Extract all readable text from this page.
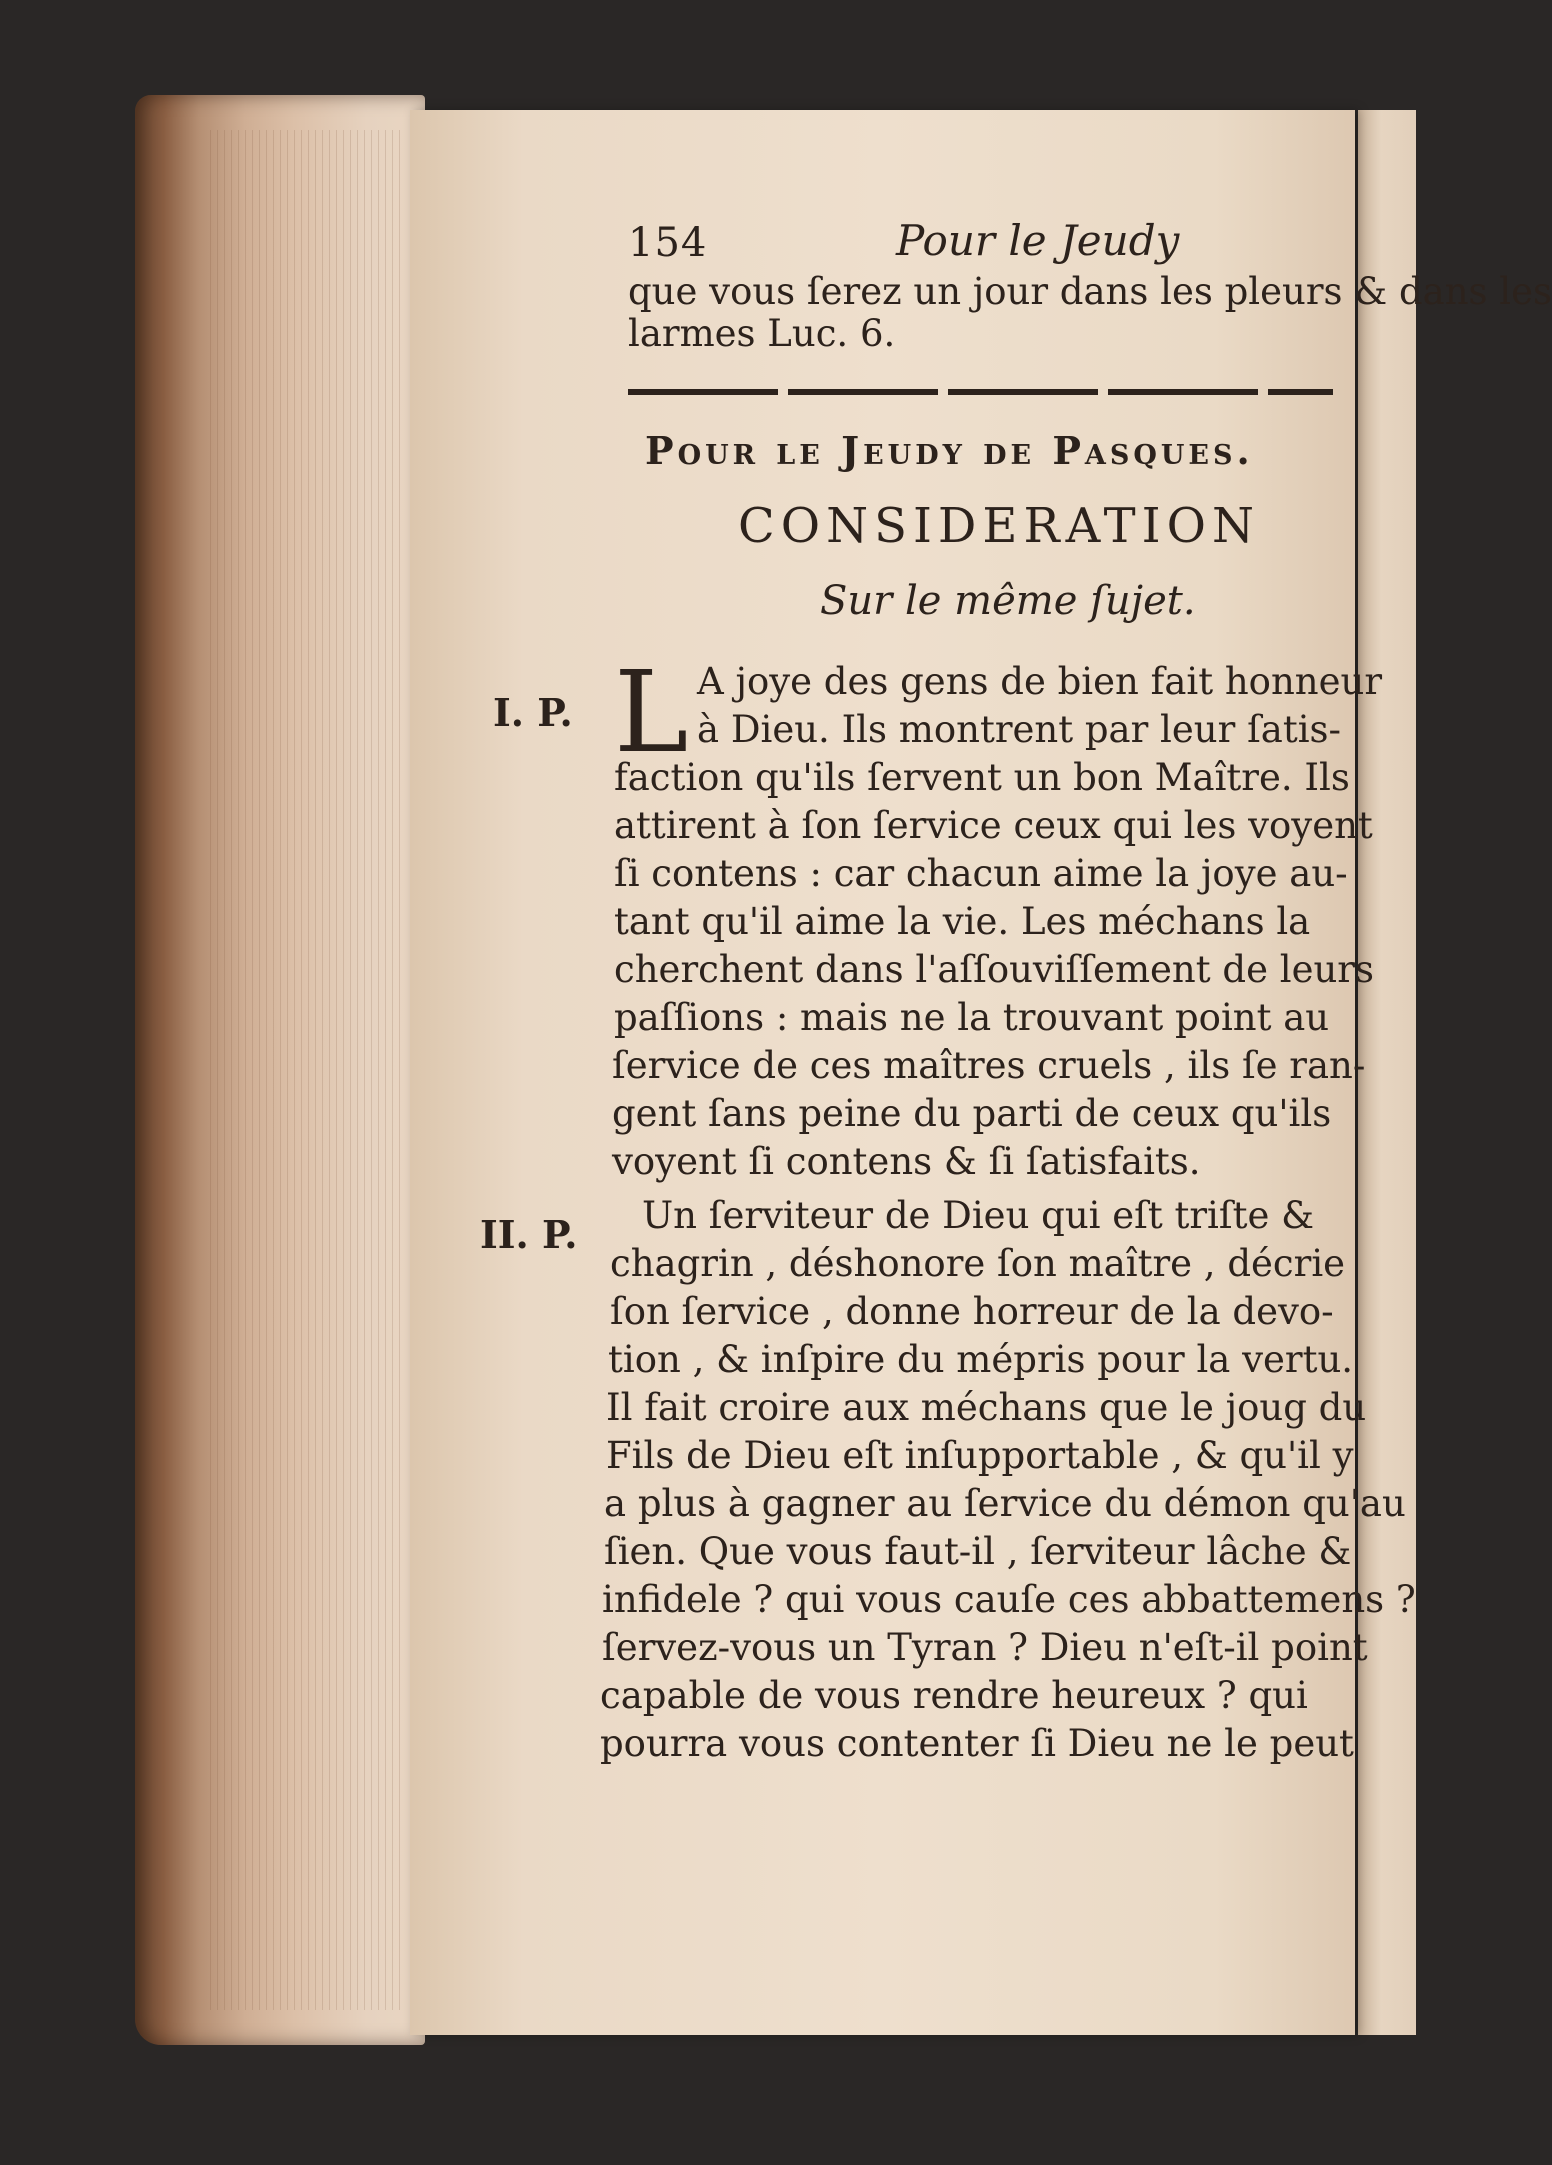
154	Pour le Jeudy
que vous ſerez un jour dans les pleurs & dans les
larmes Luc. 6.
Pour le Jeudy de Pasques.
CONSIDERATION
Sur le même ſujet.
I. P. L A joye des gens de bien fait honneur
à Dieu. Ils montrent par leur ſatis-
faction qu'ils ſervent un bon Maître. Ils
attirent à ſon ſervice ceux qui les voyent
ſi contens : car chacun aime la joye au-
tant qu'il aime la vie. Les méchans la
cherchent dans l'aſſouviſſement de leurs
paſſions : mais ne la trouvant point au
ſervice de ces maîtres cruels , ils ſe ran-
gent ſans peine du parti de ceux qu'ils
voyent ſi contens & ſi ſatisfaits.
II. P. Un ſerviteur de Dieu qui eſt triſte &
chagrin , déshonore ſon maître , décrie
ſon ſervice , donne horreur de la devo-
tion , & inſpire du mépris pour la vertu.
Il fait croire aux méchans que le joug du
Fils de Dieu eſt inſupportable , & qu'il y
a plus à gagner au ſervice du démon qu'au
ſien. Que vous faut-il , ſerviteur lâche &
infidele ? qui vous cauſe ces abbattemens ?
ſervez-vous un Tyran ? Dieu n'eſt-il point
capable de vous rendre heureux ? qui
pourra vous contenter ſi Dieu ne le peut
